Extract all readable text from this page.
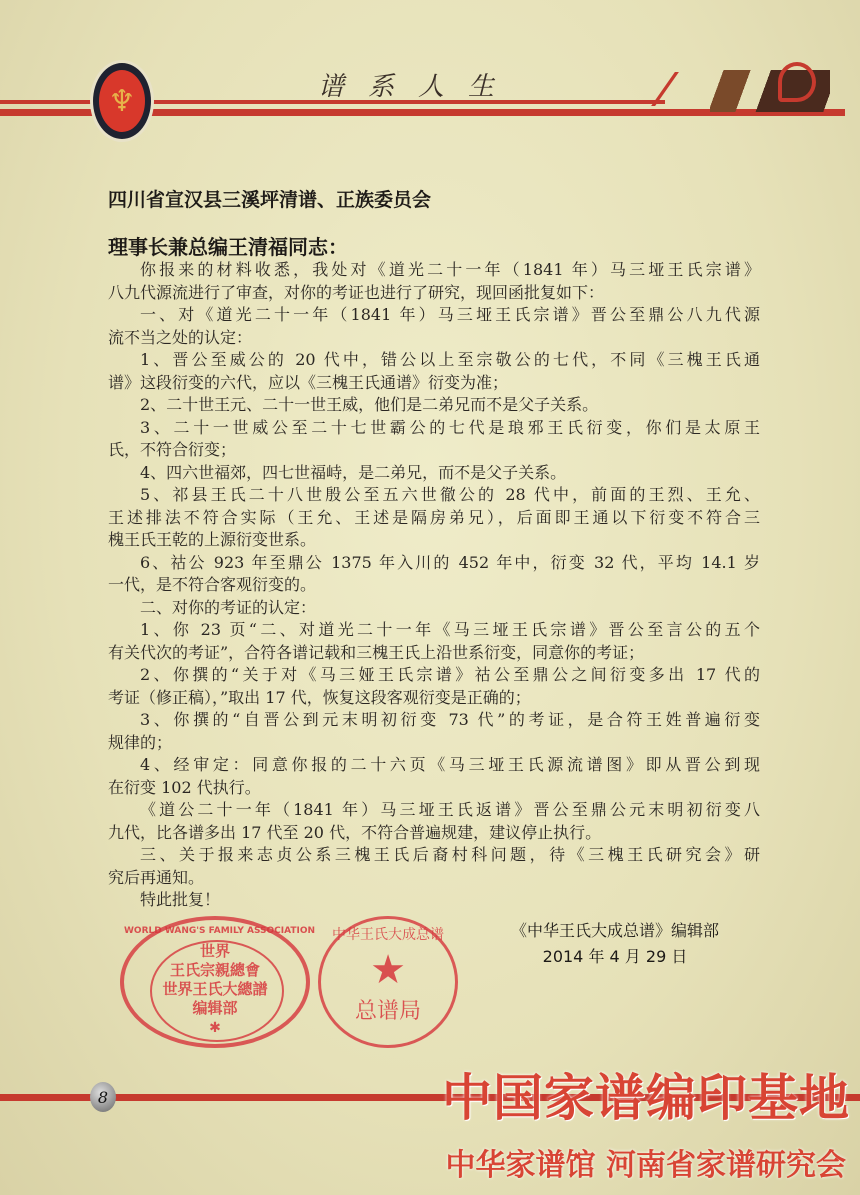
♆	谱系人生
四川省宣汉县三溪坪清谱、正族委员会
理事长兼总编王清福同志：
你报来的材料收悉，我处对《道光二十一年（1841 年）马三垭王氏宗谱》
八九代源流进行了审查，对你的考证也进行了研究，现回函批复如下：
一、对《道光二十一年（1841 年）马三垭王氏宗谱》晋公至鼎公八九代源
流不当之处的认定：
1、晋公至威公的 20 代中，错公以上至宗敬公的七代，不同《三槐王氏通
谱》这段衍变的六代，应以《三槐王氏通谱》衍变为准；
2、二十世王元、二十一世王威，他们是二弟兄而不是父子关系。
3、二十一世威公至二十七世霸公的七代是琅邪王氏衍变，你们是太原王
氏，不符合衍变；
4、四六世福郊，四七世福峙，是二弟兄，而不是父子关系。
5、祁县王氏二十八世殷公至五六世徹公的 28 代中，前面的王烈、王允、
王述排法不符合实际（王允、王述是隔房弟兄），后面即王通以下衍变不符合三
槐王氏王乾的上源衍变世系。
6、祜公 923 年至鼎公 1375 年入川的 452 年中，衍变 32 代，平均 14.1 岁
一代，是不符合客观衍变的。
二、对你的考证的认定：
1、你 23 页“二、对道光二十一年《马三垭王氏宗谱》晋公至言公的五个
有关代次的考证”，合符各谱记载和三槐王氏上沿世系衍变，同意你的考证；
2、你撰的“关于对《马三娅王氏宗谱》祜公至鼎公之间衍变多出 17 代的
考证（修正稿），”取出 17 代，恢复这段客观衍变是正确的；
3、你撰的“自晋公到元末明初衍变 73 代”的考证，是合符王姓普遍衍变
规律的；
4、经审定：同意你报的二十六页《马三垭王氏源流谱图》即从晋公到现
在衍变 102 代执行。
《道公二十一年（1841 年）马三垭王氏返谱》晋公至鼎公元末明初衍变八
九代，比各谱多出 17 代至 20 代，不符合普遍规建，建议停止执行。
三、关于报来志贞公系三槐王氏后裔村科问题，待《三槐王氏研究会》研
究后再通知。
特此批复！
WORLD WANG'S FAMILY ASSOCIATION
世界
王氏宗親總會
世界王氏大總譜
编辑部
✱
中华王氏大成总谱
★
总谱局
《中华王氏大成总谱》编辑部
2014 年 4 月 29 日
8	中国家谱编印基地
中华家谱馆 河南省家谱研究会
